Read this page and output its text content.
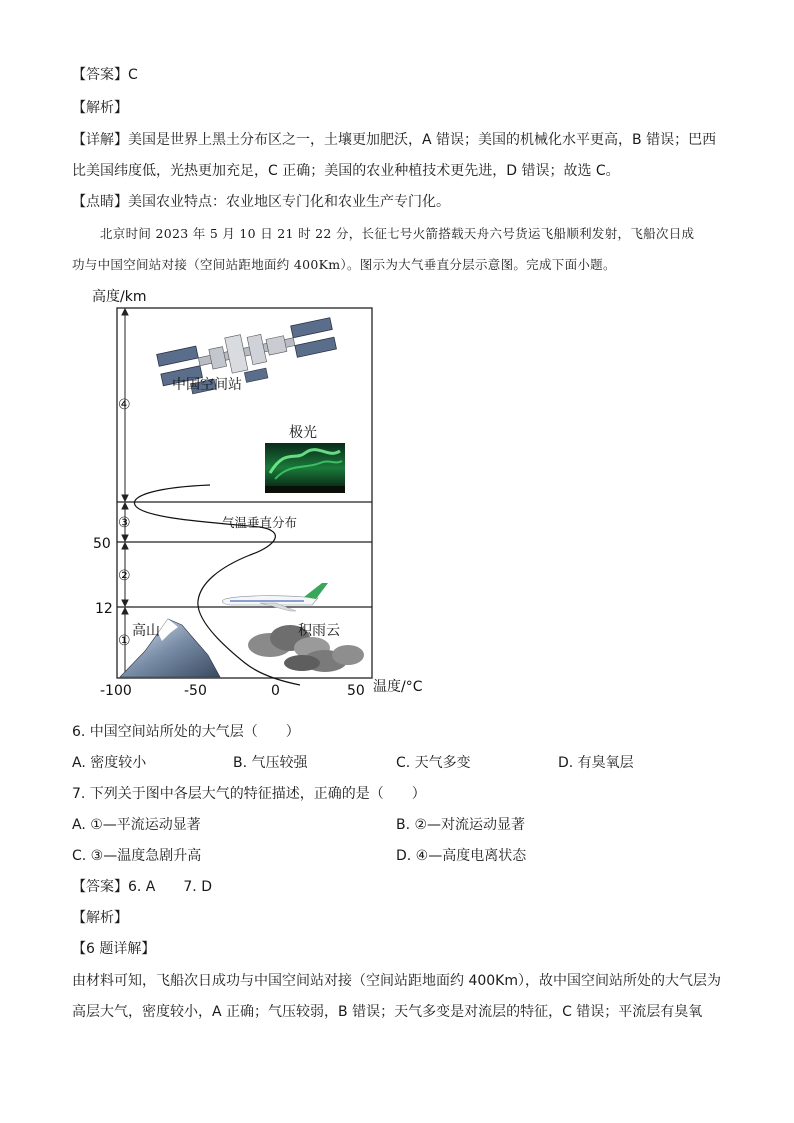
【答案】C
【解析】
【详解】美国是世界上黑土分布区之一，土壤更加肥沃，A 错误；美国的机械化水平更高，B 错误；巴西
比美国纬度低，光热更加充足，C 正确；美国的农业种植技术更先进，D 错误；故选 C。
【点睛】美国农业特点：农业地区专门化和农业生产专门化。
北京时间 2023 年 5 月 10 日 21 时 22 分，长征七号火箭搭载天舟六号货运飞船顺利发射，飞船次日成
功与中国空间站对接（空间站距地面约 400Km）。图示为大气垂直分层示意图。完成下面小题。
高度/km
④
③
②
①
50
12
-100	-50	0	50 温度/°C
中国空间站
极光
气温垂直分布
高山	积雨云
6. 中国空间站所处的大气层（　　）
A. 密度较小	B. 气压较强	C. 天气多变	D. 有臭氧层
7. 下列关于图中各层大气的特征描述，正确的是（　　）
A. ①—平流运动显著	B. ②—对流运动显著
C. ③—温度急剧升高	D. ④—高度电离状态
【答案】6. A　　7. D
【解析】
【6 题详解】
由材料可知，飞船次日成功与中国空间站对接（空间站距地面约 400Km），故中国空间站所处的大气层为
高层大气，密度较小，A 正确；气压较弱，B 错误；天气多变是对流层的特征，C 错误；平流层有臭氧
